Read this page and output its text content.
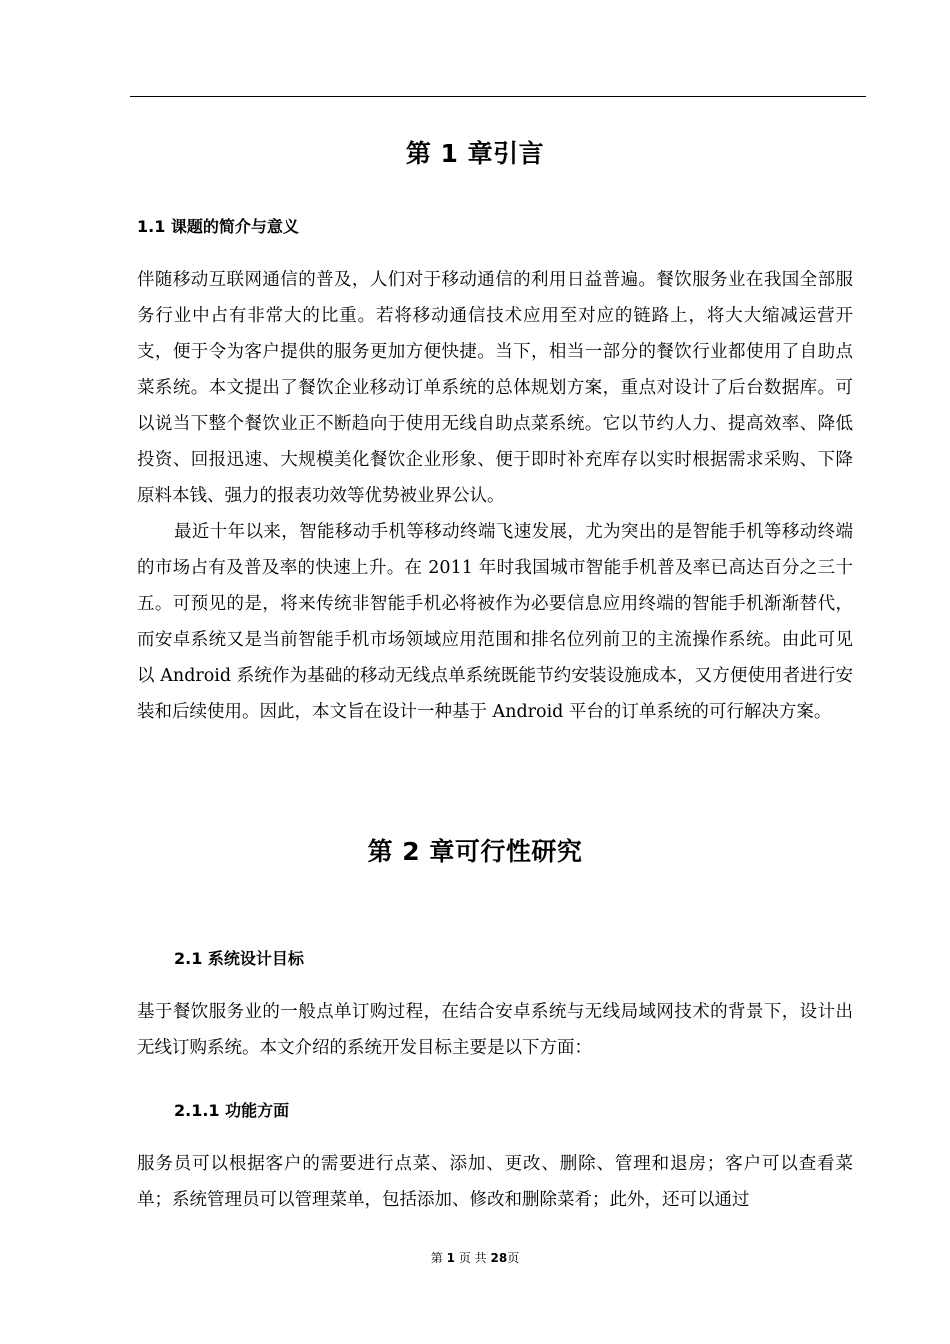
第 1 章引言
1.1 课题的简介与意义

伴随移动互联网通信的普及，人们对于移动通信的利用日益普遍。餐饮服务业在我国全部服务行业中占有非常大的比重。若将移动通信技术应用至对应的链路上，将大大缩减运营开支，便于令为客户提供的服务更加方便快捷。当下，相当一部分的餐饮行业都使用了自助点菜系统。本文提出了餐饮企业移动订单系统的总体规划方案，重点对设计了后台数据库。可以说当下整个餐饮业正不断趋向于使用无线自助点菜系统。它以节约人力、提高效率、降低投资、回报迅速、大规模美化餐饮企业形象、便于即时补充库存以实时根据需求采购、下降原料本钱、强力的报表功效等优势被业界公认。

最近十年以来，智能移动手机等移动终端飞速发展，尤为突出的是智能手机等移动终端的市场占有及普及率的快速上升。在 2011 年时我国城市智能手机普及率已高达百分之三十五。可预见的是，将来传统非智能手机必将被作为必要信息应用终端的智能手机渐渐替代，而安卓系统又是当前智能手机市场领域应用范围和排名位列前卫的主流操作系统。由此可见以 Android 系统作为基础的移动无线点单系统既能节约安装设施成本，又方便使用者进行安装和后续使用。因此，本文旨在设计一种基于 Android 平台的订单系统的可行解决方案。

第 2 章可行性研究
2.1 系统设计目标

基于餐饮服务业的一般点单订购过程，在结合安卓系统与无线局域网技术的背景下，设计出无线订购系统。本文介绍的系统开发目标主要是以下方面：

2.1.1 功能方面

服务员可以根据客户的需要进行点菜、添加、更改、删除、管理和退房；客户可以查看菜单；系统管理员可以管理菜单，包括添加、修改和删除菜肴；此外，还可以通过

第 1 页 共 28页
